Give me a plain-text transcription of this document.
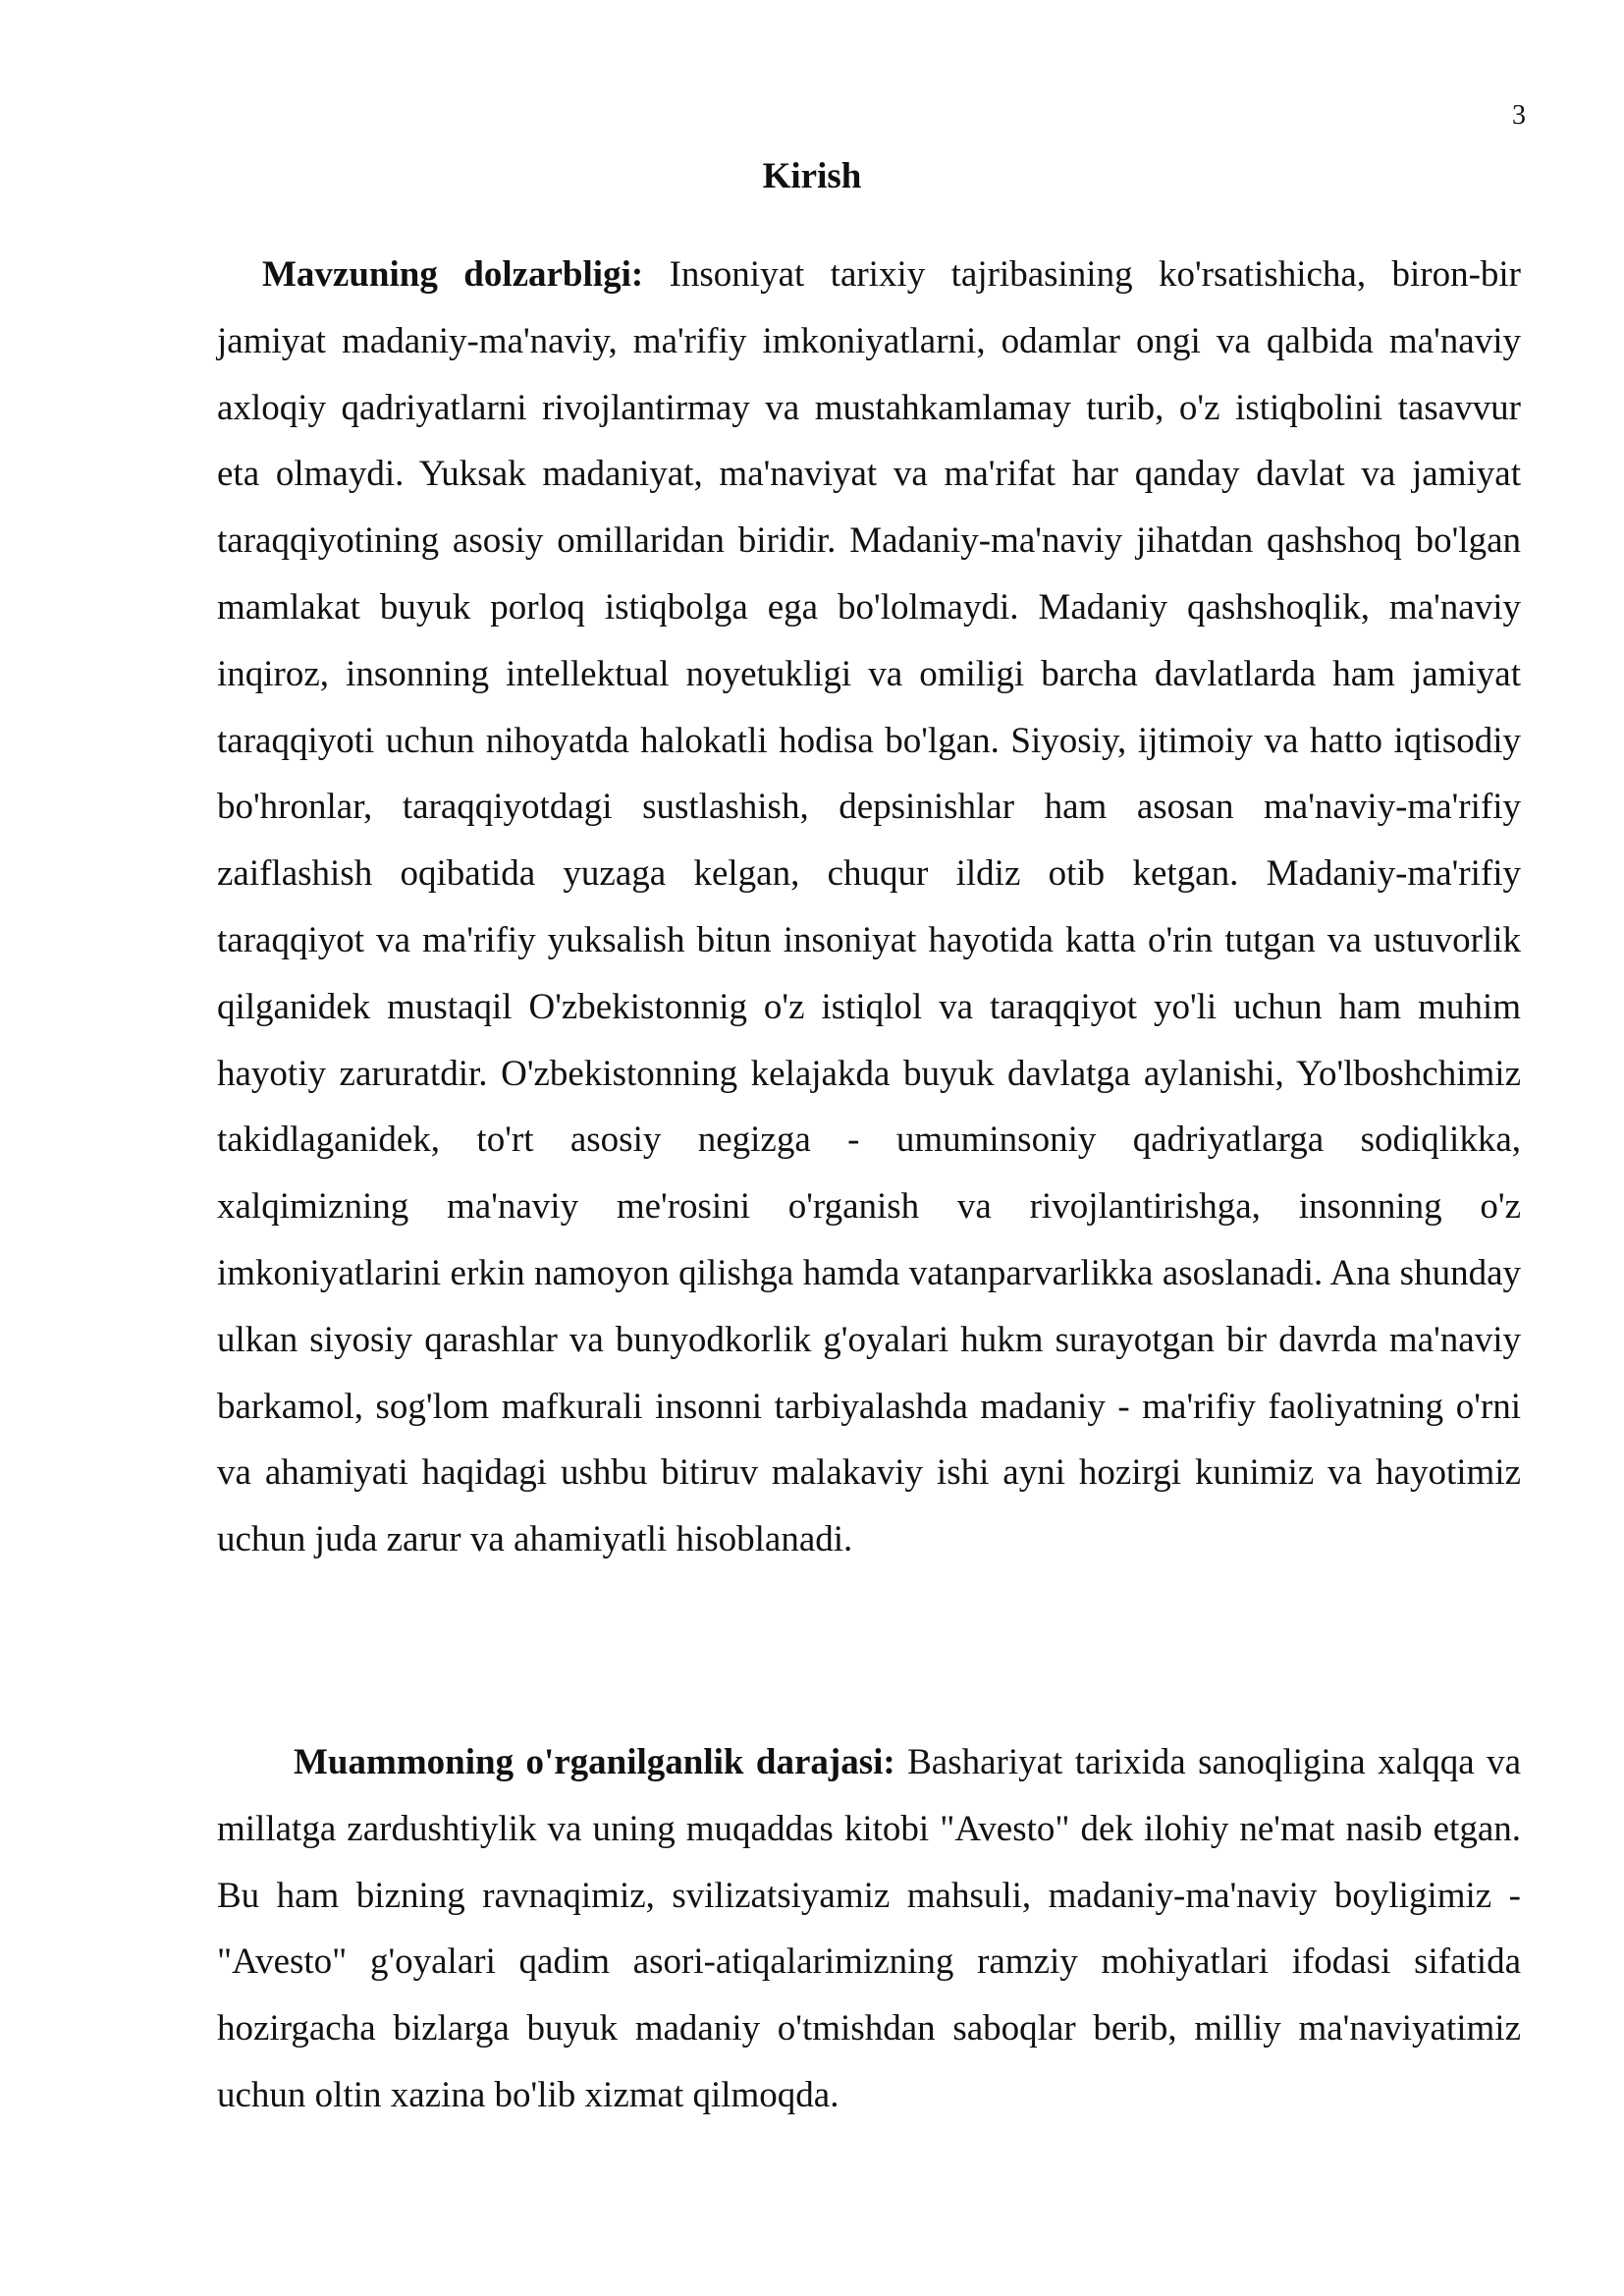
3
Kirish

Mavzuning dolzarbligi: Insoniyat tarixiy tajribasining ko'rsatishicha, biron-bir jamiyat madaniy-ma'naviy, ma'rifiy imkoniyatlarni, odamlar ongi va qalbida ma'naviy axloqiy qadriyatlarni rivojlantirmay va mustahkamlamay turib, o'z istiqbolini tasavvur eta olmaydi. Yuksak madaniyat, ma'naviyat va ma'rifat har qanday davlat va jamiyat taraqqiyotining asosiy omillaridan biridir. Madaniy-ma'naviy jihatdan qashshoq bo'lgan mamlakat buyuk porloq istiqbolga ega bo'lolmaydi. Madaniy qashshoqlik, ma'naviy inqiroz, insonning intellektual noyetukligi va omiligi barcha davlatlarda ham jamiyat taraqqiyoti uchun nihoyatda halokatli hodisa bo'lgan. Siyosiy, ijtimoiy va hatto iqtisodiy bo'hronlar, taraqqiyotdagi sustlashish, depsinishlar ham asosan ma'naviy-ma'rifiy zaiflashish oqibatida yuzaga kelgan, chuqur ildiz otib ketgan. Madaniy-ma'rifiy taraqqiyot va ma'rifiy yuksalish bitun insoniyat hayotida katta o'rin tutgan va ustuvorlik qilganidek mustaqil O'zbekistonnig o'z istiqlol va taraqqiyot yo'li uchun ham muhim hayotiy zaruratdir. O'zbekistonning kelajakda buyuk davlatga aylanishi, Yo'lboshchimiz takidlaganidek, to'rt asosiy negizga - umuminsoniy qadriyatlarga sodiqlikka, xalqimizning ma'naviy me'rosini o'rganish va rivojlantirishga, insonning o'z imkoniyatlarini erkin namoyon qilishga hamda vatanparvarlikka asoslanadi. Ana shunday ulkan siyosiy qarashlar va bunyodkorlik g'oyalari hukm surayotgan bir davrda ma'naviy barkamol, sog'lom mafkurali insonni tarbiyalashda madaniy - ma'rifiy faoliyatning o'rni va ahamiyati haqidagi ushbu bitiruv malakaviy ishi ayni hozirgi kunimiz va hayotimiz uchun juda zarur va ahamiyatli hisoblanadi.

Muammoning o'rganilganlik darajasi: Bashariyat tarixida sanoqligina xalqqa va millatga zardushtiylik va uning muqaddas kitobi "Avesto" dek ilohiy ne'mat nasib etgan. Bu ham bizning ravnaqimiz, svilizatsiyamiz mahsuli, madaniy-ma'naviy boyligimiz - "Avesto" g'oyalari qadim asori-atiqalarimizning ramziy mohiyatlari ifodasi sifatida hozirgacha bizlarga buyuk madaniy o'tmishdan saboqlar berib, milliy ma'naviyatimiz uchun oltin xazina bo'lib xizmat qilmoqda.
